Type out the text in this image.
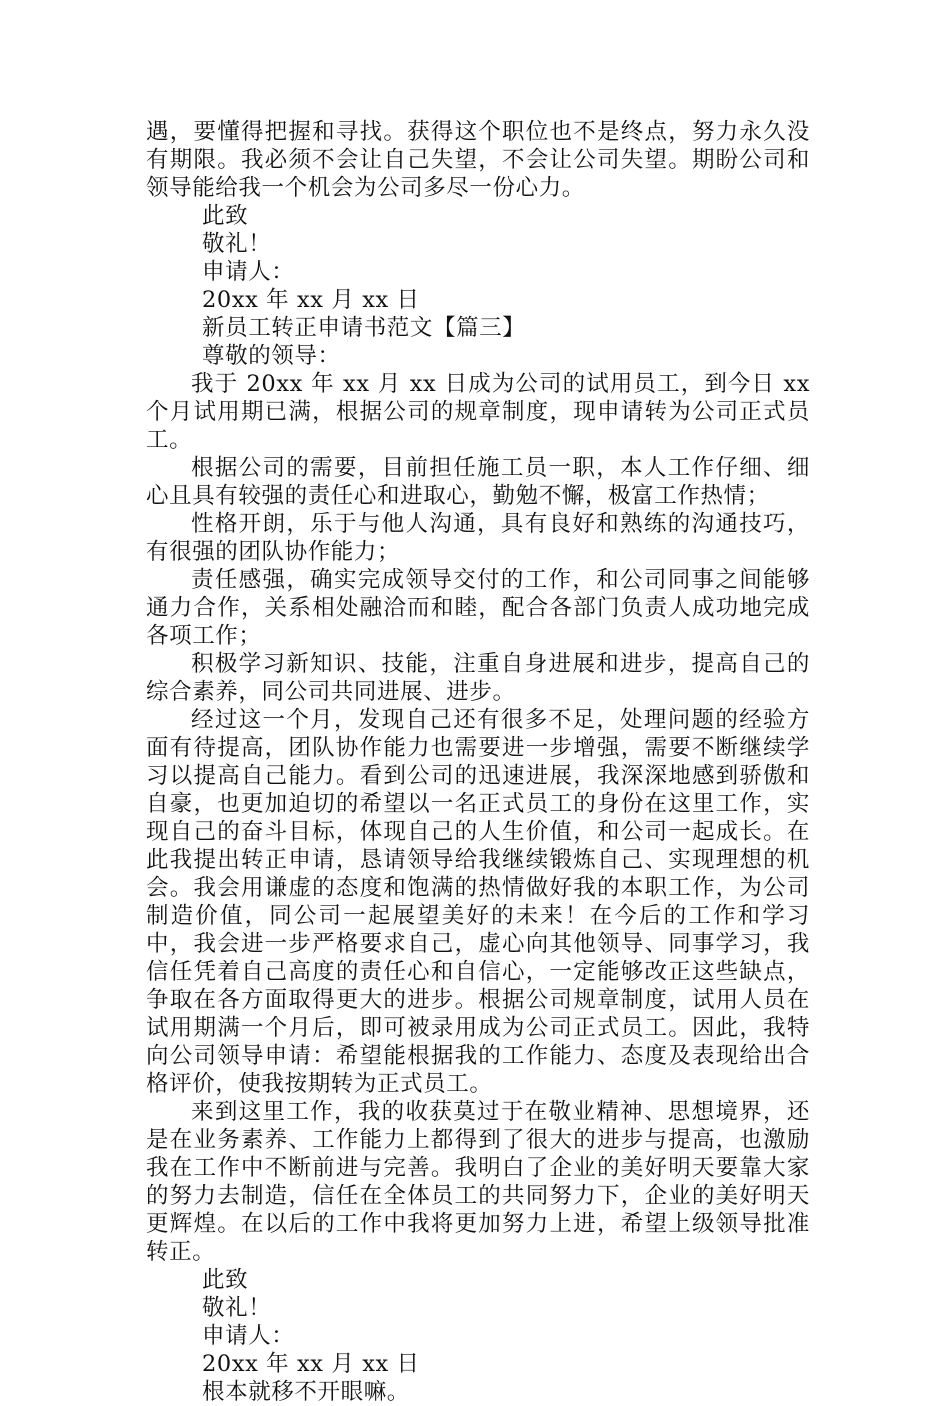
遇，要懂得把握和寻找。获得这个职位也不是终点，努力永久没有期限。我必须不会让自己失望，不会让公司失望。期盼公司和领导能给我一个机会为公司多尽一份心力。

此致

敬礼！

申请人：

20xx 年 xx 月 xx 日

新员工转正申请书范文【篇三】

尊敬的领导：

我于 20xx 年 xx 月 xx 日成为公司的试用员工，到今日 xx 个月试用期已满，根据公司的规章制度，现申请转为公司正式员工。

根据公司的需要，目前担任施工员一职，本人工作仔细、细心且具有较强的责任心和进取心，勤勉不懈，极富工作热情；

性格开朗，乐于与他人沟通，具有良好和熟练的沟通技巧，有很强的团队协作能力；

责任感强，确实完成领导交付的工作，和公司同事之间能够通力合作，关系相处融洽而和睦，配合各部门负责人成功地完成各项工作；

积极学习新知识、技能，注重自身进展和进步，提高自己的综合素养，同公司共同进展、进步。

经过这一个月，发现自己还有很多不足，处理问题的经验方面有待提高，团队协作能力也需要进一步增强，需要不断继续学习以提高自己能力。看到公司的迅速进展，我深深地感到骄傲和自豪，也更加迫切的希望以一名正式员工的身份在这里工作，实现自己的奋斗目标，体现自己的人生价值，和公司一起成长。在此我提出转正申请，恳请领导给我继续锻炼自己、实现理想的机会。我会用谦虚的态度和饱满的热情做好我的本职工作，为公司制造价值，同公司一起展望美好的未来！在今后的工作和学习中，我会进一步严格要求自己，虚心向其他领导、同事学习，我信任凭着自己高度的责任心和自信心，一定能够改正这些缺点，争取在各方面取得更大的进步。根据公司规章制度，试用人员在试用期满一个月后，即可被录用成为公司正式员工。因此，我特向公司领导申请：希望能根据我的工作能力、态度及表现给出合格评价，使我按期转为正式员工。

来到这里工作，我的收获莫过于在敬业精神、思想境界，还是在业务素养、工作能力上都得到了很大的进步与提高，也激励我在工作中不断前进与完善。我明白了企业的美好明天要靠大家的努力去制造，信任在全体员工的共同努力下，企业的美好明天更辉煌。在以后的工作中我将更加努力上进，希望上级领导批准转正。

此致

敬礼！

申请人：

20xx 年 xx 月 xx 日

根本就移不开眼嘛。
